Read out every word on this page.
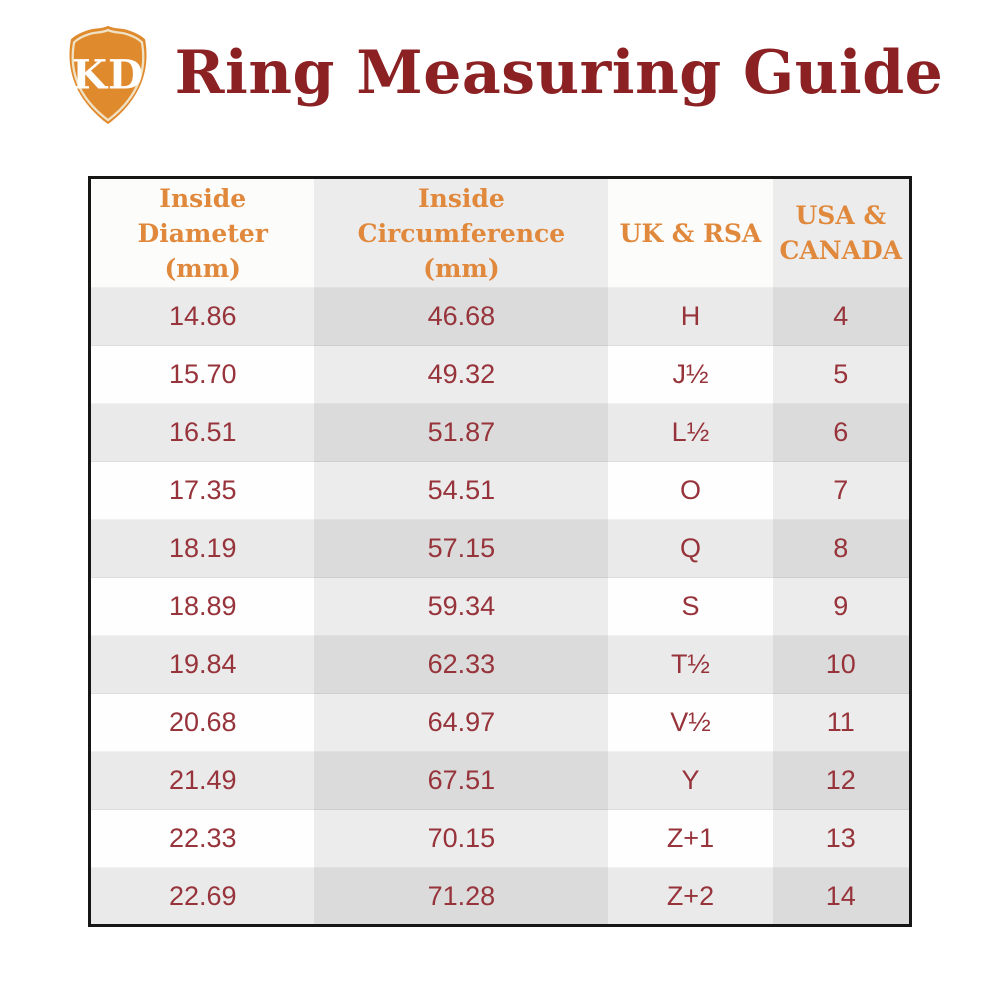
KD Ring Measuring Guide
Inside Diameter (mm)	Inside Circumference (mm)	UK & RSA	USA & CANADA
14.86	46.68	H	4
15.70	49.32	J½	5
16.51	51.87	L½	6
17.35	54.51	O	7
18.19	57.15	Q	8
18.89	59.34	S	9
19.84	62.33	T½	10
20.68	64.97	V½	11
21.49	67.51	Y	12
22.33	70.15	Z+1	13
22.69	71.28	Z+2	14
